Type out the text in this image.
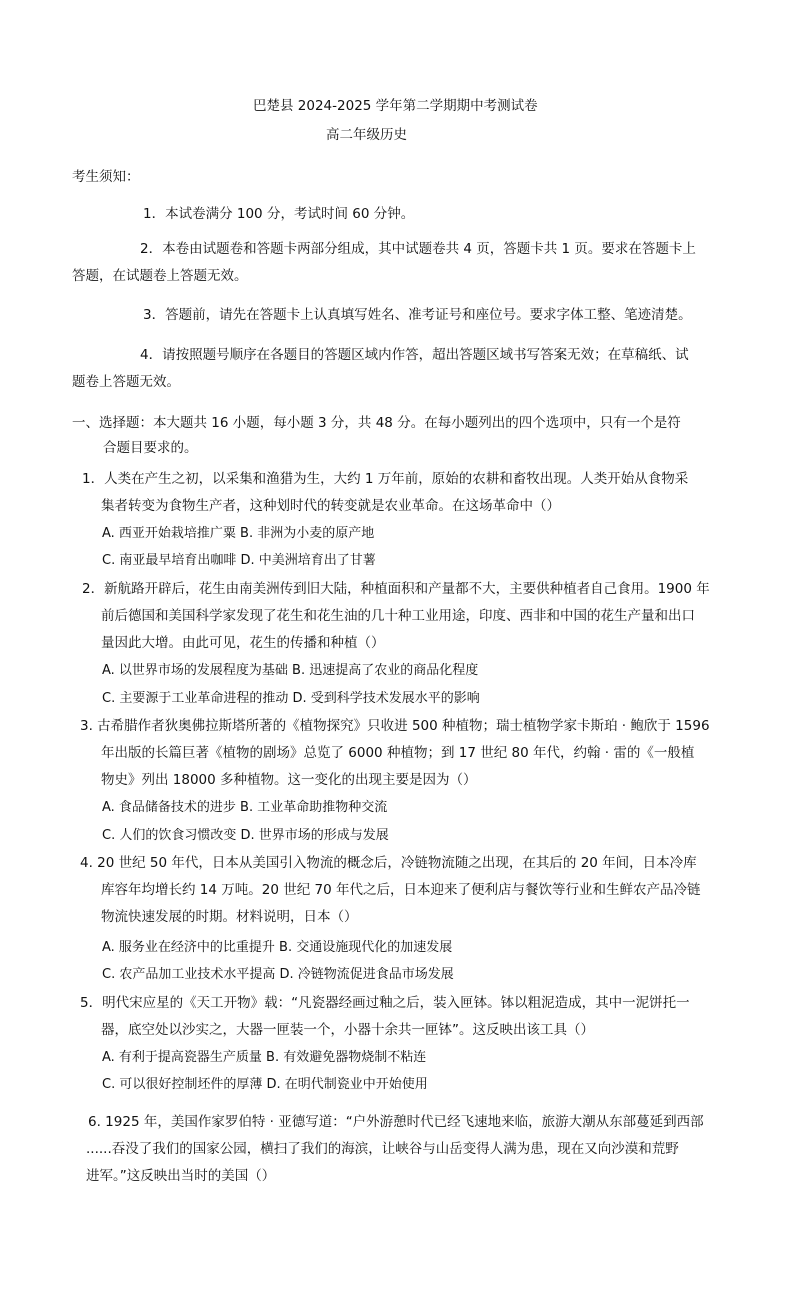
巴楚县 2024-2025 学年第二学期期中考测试卷
高二年级历史
考生须知：
1．本试卷满分 100 分，考试时间 60 分钟。
2．本卷由试题卷和答题卡两部分组成，其中试题卷共 4 页，答题卡共 1 页。要求在答题卡上
答题，在试题卷上答题无效。
3．答题前，请先在答题卡上认真填写姓名、准考证号和座位号。要求字体工整、笔迹清楚。
4．请按照题号顺序在各题目的答题区域内作答，超出答题区域书写答案无效；在草稿纸、试
题卷上答题无效。
一、选择题：本大题共 16 小题，每小题 3 分，共 48 分。在每小题列出的四个选项中，只有一个是符
合题目要求的。
1．人类在产生之初，以采集和渔猎为生，大约 1 万年前，原始的农耕和畜牧出现。人类开始从食物采
集者转变为食物生产者，这种划时代的转变就是农业革命。在这场革命中（）
A. 西亚开始栽培推广粟 B. 非洲为小麦的原产地
C. 南亚最早培育出咖啡 D. 中美洲培育出了甘薯
2．新航路开辟后，花生由南美洲传到旧大陆，种植面积和产量都不大，主要供种植者自己食用。1900 年
前后德国和美国科学家发现了花生和花生油的几十种工业用途，印度、西非和中国的花生产量和出口
量因此大增。由此可见，花生的传播和种植（）
A. 以世界市场的发展程度为基础 B. 迅速提高了农业的商品化程度
C. 主要源于工业革命进程的推动 D. 受到科学技术发展水平的影响
3. 古希腊作者狄奥佛拉斯塔所著的《植物探究》只收进 500 种植物；瑞士植物学家卡斯珀 · 鲍欣于 1596
年出版的长篇巨著《植物的剧场》总览了 6000 种植物；到 17 世纪 80 年代，约翰 · 雷的《一般植
物史》列出 18000 多种植物。这一变化的出现主要是因为（）
A. 食品储备技术的进步 B. 工业革命助推物种交流
C. 人们的饮食习惯改变 D. 世界市场的形成与发展
4. 20 世纪 50 年代，日本从美国引入物流的概念后，冷链物流随之出现，在其后的 20 年间，日本冷库
库容年均增长约 14 万吨。20 世纪 70 年代之后，日本迎来了便利店与餐饮等行业和生鲜农产品冷链
物流快速发展的时期。材料说明，日本（）
A. 服务业在经济中的比重提升 B. 交通设施现代化的加速发展
C. 农产品加工业技术水平提高 D. 冷链物流促进食品市场发展
5．明代宋应星的《天工开物》载：“凡瓷器经画过釉之后，装入匣钵。钵以粗泥造成，其中一泥饼托一
器，底空处以沙实之，大器一匣装一个，小器十余共一匣钵”。这反映出该工具（）
A. 有利于提高瓷器生产质量 B. 有效避免器物烧制不粘连
C. 可以很好控制坯件的厚薄 D. 在明代制瓷业中开始使用
6. 1925 年，美国作家罗伯特 · 亚德写道：“户外游憩时代已经飞速地来临，旅游大潮从东部蔓延到西部
......吞没了我们的国家公园，横扫了我们的海滨，让峡谷与山岳变得人满为患，现在又向沙漠和荒野
进军。”这反映出当时的美国（）
